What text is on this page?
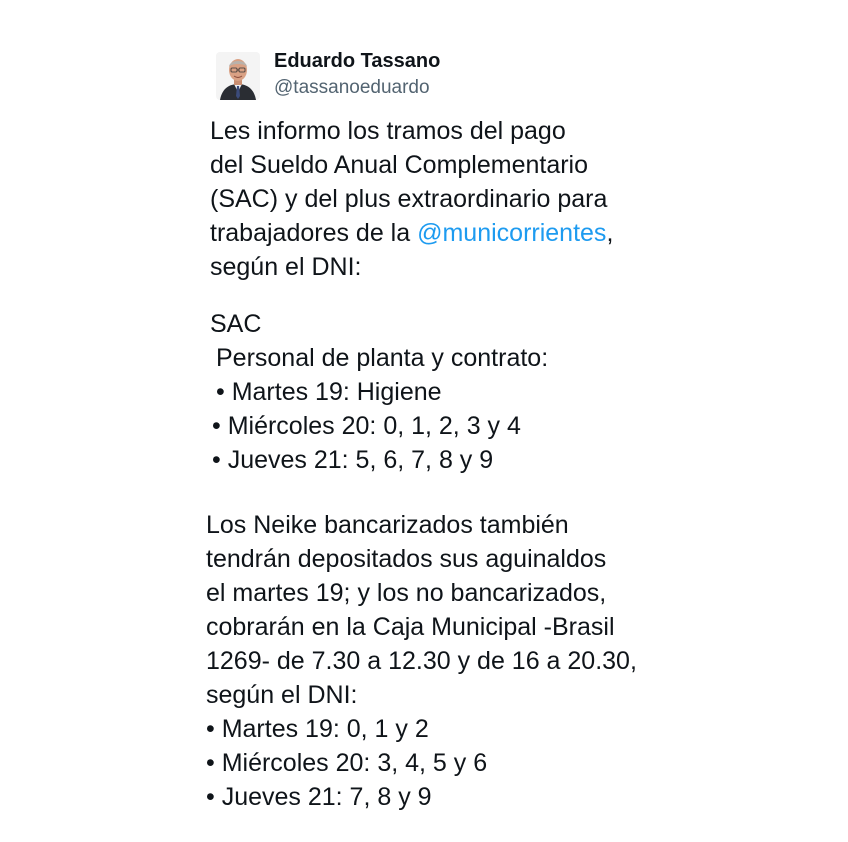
Eduardo Tassano
@tassanoeduardo
Les informo los tramos del pago
del Sueldo Anual Complementario
(SAC) y del plus extraordinario para
trabajadores de la @municorrientes,
según el DNI:
SAC
Personal de planta y contrato:
• Martes 19: Higiene
• Miércoles 20: 0, 1, 2, 3 y 4
• Jueves 21: 5, 6, 7, 8 y 9
Los Neike bancarizados también
tendrán depositados sus aguinaldos
el martes 19; y los no bancarizados,
cobrarán en la Caja Municipal -Brasil
1269- de 7.30 a 12.30 y de 16 a 20.30,
según el DNI:
• Martes 19: 0, 1 y 2
• Miércoles 20: 3, 4, 5 y 6
• Jueves 21: 7, 8 y 9
